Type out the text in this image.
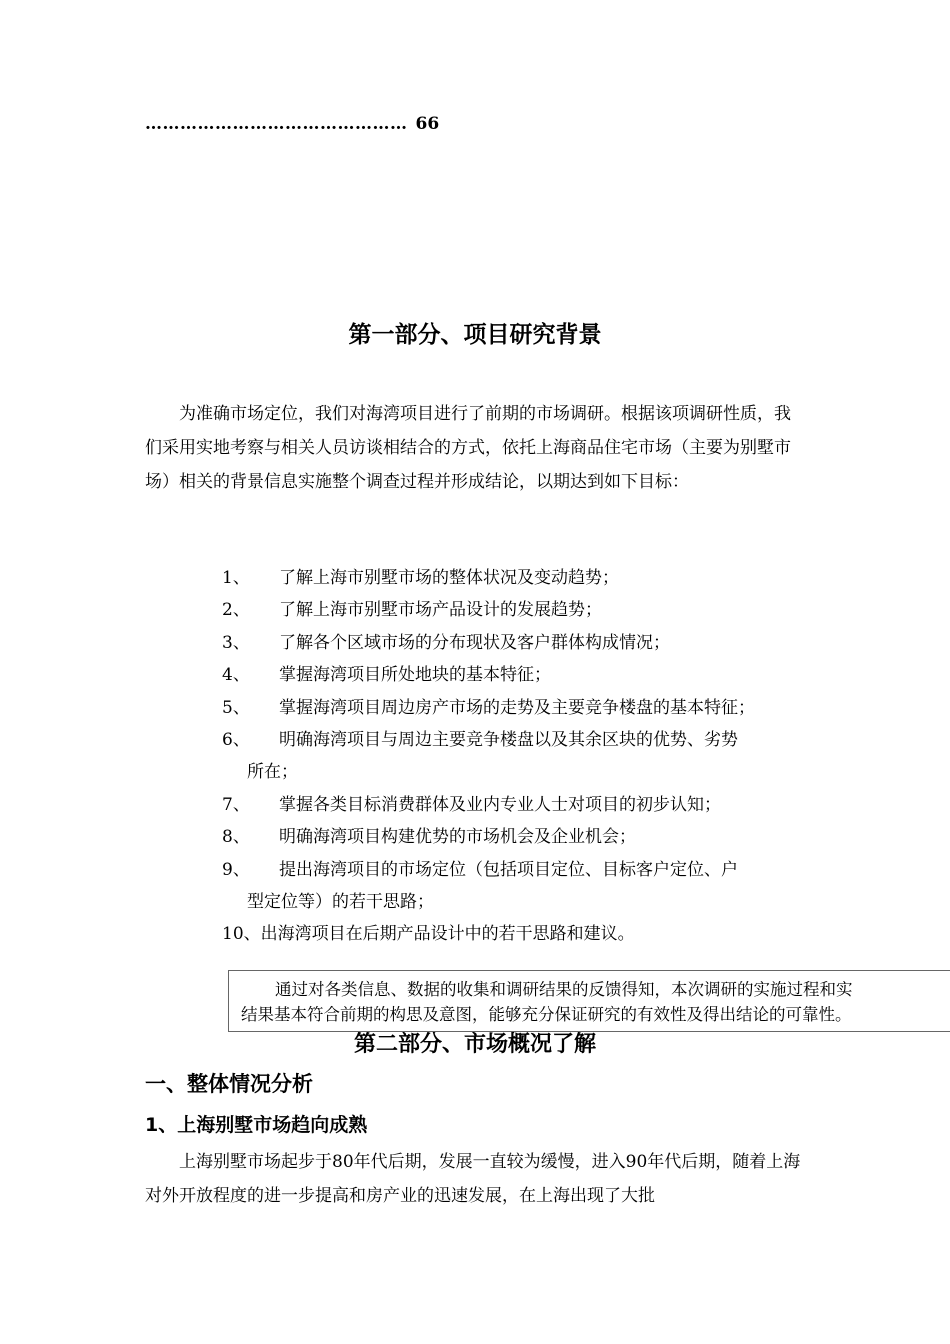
……………………………………… 66
第一部分、项目研究背景
为准确市场定位，我们对海湾项目进行了前期的市场调研。根据该项调研性质，我们采用实地考察与相关人员访谈相结合的方式，依托上海商品住宅市场（主要为别墅市场）相关的背景信息实施整个调查过程并形成结论，以期达到如下目标：
1、 了解上海市别墅市场的整体状况及变动趋势；
2、 了解上海市别墅市场产品设计的发展趋势；
3、 了解各个区域市场的分布现状及客户群体构成情况；
4、 掌握海湾项目所处地块的基本特征；
5、 掌握海湾项目周边房产市场的走势及主要竞争楼盘的基本特征；
6、 明确海湾项目与周边主要竞争楼盘以及其余区块的优势、劣势
所在；
7、 掌握各类目标消费群体及业内专业人士对项目的初步认知；
8、 明确海湾项目构建优势的市场机会及企业机会；
9、 提出海湾项目的市场定位（包括项目定位、目标客户定位、户
型定位等）的若干思路；
10、出海湾项目在后期产品设计中的若干思路和建议。
第二部分、市场概况了解
通过对各类信息、数据的收集和调研结果的反馈得知，本次调研的实施过程和实
结果基本符合前期的构思及意图，能够充分保证研究的有效性及得出结论的可靠性。
一、整体情况分析
1、上海别墅市场趋向成熟
上海别墅市场起步于80年代后期，发展一直较为缓慢，进入90年代后期，随着上海对外开放程度的进一步提高和房产业的迅速发展，在上海出现了大批
